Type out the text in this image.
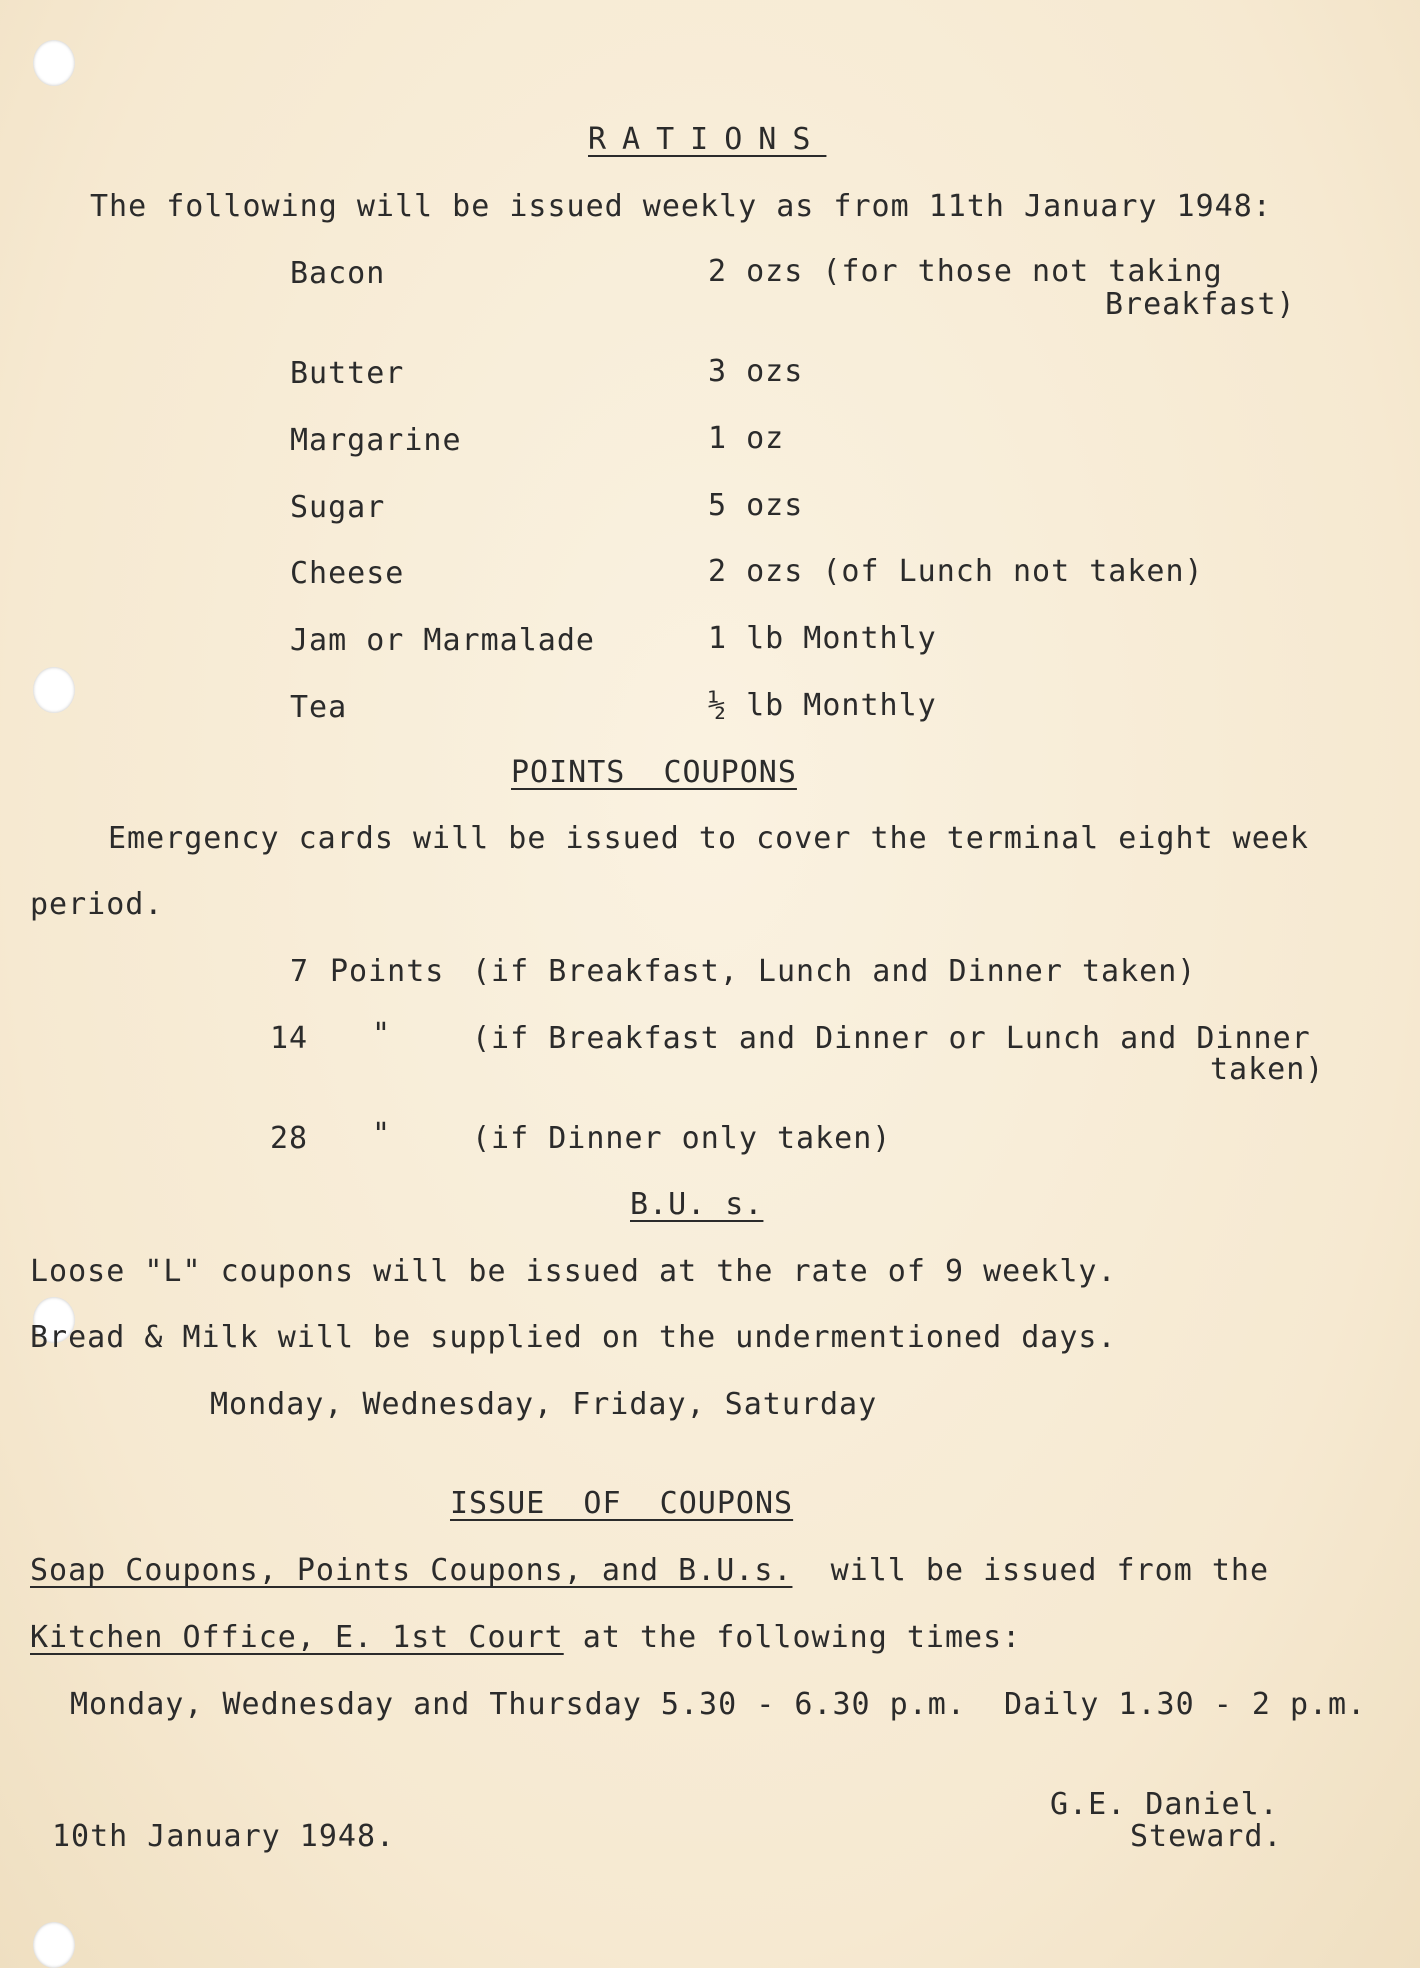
RATIONS
The following will be issued weekly as from 11th January 1948:
Bacon	2 ozs (for those not taking
Breakfast)
Butter	3 ozs
Margarine	1 oz
Sugar	5 ozs
Cheese	2 ozs (of Lunch not taken)
Jam or Marmalade	1 lb Monthly
Tea	½ lb Monthly
POINTS  COUPONS
Emergency cards will be issued to cover the terminal eight week
period.
7 Points (if Breakfast, Lunch and Dinner taken)
14 "	(if Breakfast and Dinner or Lunch and Dinner
taken)
28 "	(if Dinner only taken)
B.U. s.
Loose "L" coupons will be issued at the rate of 9 weekly.
Bread & Milk will be supplied on the undermentioned days.
Monday, Wednesday, Friday, Saturday
ISSUE  OF  COUPONS
Soap Coupons, Points Coupons, and B.U.s. will be issued from the
Kitchen Office, E. 1st Court at the following times:
Monday, Wednesday and Thursday 5.30 - 6.30 p.m.  Daily 1.30 - 2 p.m.
10th January 1948.
G.E. Daniel.
Steward.
